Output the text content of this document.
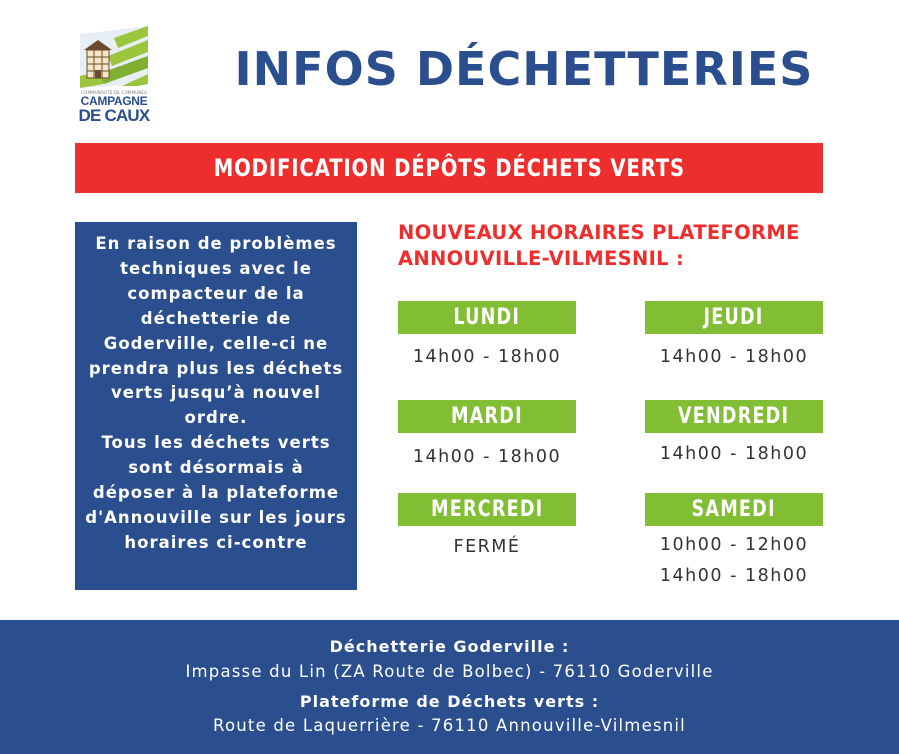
COMMUNAUTÉ DE COMMUNES
CAMPAGNE
DE CAUX
INFOS DÉCHETTERIES
MODIFICATION DÉPÔTS DÉCHETS VERTS

En raison de problèmes techniques avec le compacteur de la déchetterie de Goderville, celle-ci ne prendra plus les déchets verts jusqu’à nouvel ordre.

Tous les déchets verts sont désormais à déposer à la plateforme d'Annouville sur les jours horaires ci-contre

NOUVEAUX HORAIRES PLATEFORME
ANNOUVILLE-VILMESNIL :
LUNDI
14h00 - 18h00
JEUDI
14h00 - 18h00
MARDI
14h00 - 18h00
VENDREDI
14h00 - 18h00
MERCREDI
FERMÉ
SAMEDI
10h00 - 12h00
14h00 - 18h00
Déchetterie Goderville :
Impasse du Lin (ZA Route de Bolbec) - 76110 Goderville
Plateforme de Déchets verts :
Route de Laquerrière - 76110 Annouville-Vilmesnil
